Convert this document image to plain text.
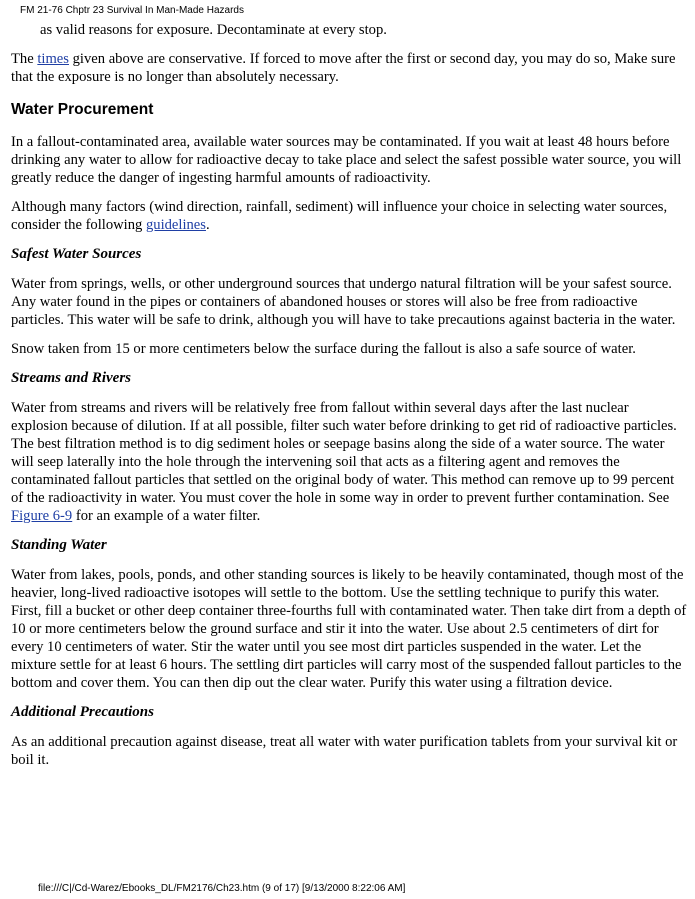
FM 21-76 Chptr 23 Survival In Man-Made Hazards

as valid reasons for exposure. Decontaminate at every stop.

The times given above are conservative. If forced to move after the first or second day, you may do so, Make sure that the exposure is no longer than absolutely necessary.

Water Procurement

In a fallout-contaminated area, available water sources may be contaminated. If you wait at least 48 hours before drinking any water to allow for radioactive decay to take place and select the safest possible water source, you will greatly reduce the danger of ingesting harmful amounts of radioactivity.

Although many factors (wind direction, rainfall, sediment) will influence your choice in selecting water sources, consider the following guidelines.

Safest Water Sources

Water from springs, wells, or other underground sources that undergo natural filtration will be your safest source. Any water found in the pipes or containers of abandoned houses or stores will also be free from radioactive particles. This water will be safe to drink, although you will have to take precautions against bacteria in the water.

Snow taken from 15 or more centimeters below the surface during the fallout is also a safe source of water.

Streams and Rivers

Water from streams and rivers will be relatively free from fallout within several days after the last nuclear explosion because of dilution. If at all possible, filter such water before drinking to get rid of radioactive particles. The best filtration method is to dig sediment holes or seepage basins along the side of a water source. The water will seep laterally into the hole through the intervening soil that acts as a filtering agent and removes the contaminated fallout particles that settled on the original body of water. This method can remove up to 99 percent of the radioactivity in water. You must cover the hole in some way in order to prevent further contamination. See Figure 6-9 for an example of a water filter.

Standing Water

Water from lakes, pools, ponds, and other standing sources is likely to be heavily contaminated, though most of the heavier, long-lived radioactive isotopes will settle to the bottom. Use the settling technique to purify this water. First, fill a bucket or other deep container three-fourths full with contaminated water. Then take dirt from a depth of 10 or more centimeters below the ground surface and stir it into the water. Use about 2.5 centimeters of dirt for every 10 centimeters of water. Stir the water until you see most dirt particles suspended in the water. Let the mixture settle for at least 6 hours. The settling dirt particles will carry most of the suspended fallout particles to the bottom and cover them. You can then dip out the clear water. Purify this water using a filtration device.

Additional Precautions

As an additional precaution against disease, treat all water with water purification tablets from your survival kit or boil it.

file:///C|/Cd-Warez/Ebooks_DL/FM2176/Ch23.htm (9 of 17) [9/13/2000 8:22:06 AM]
